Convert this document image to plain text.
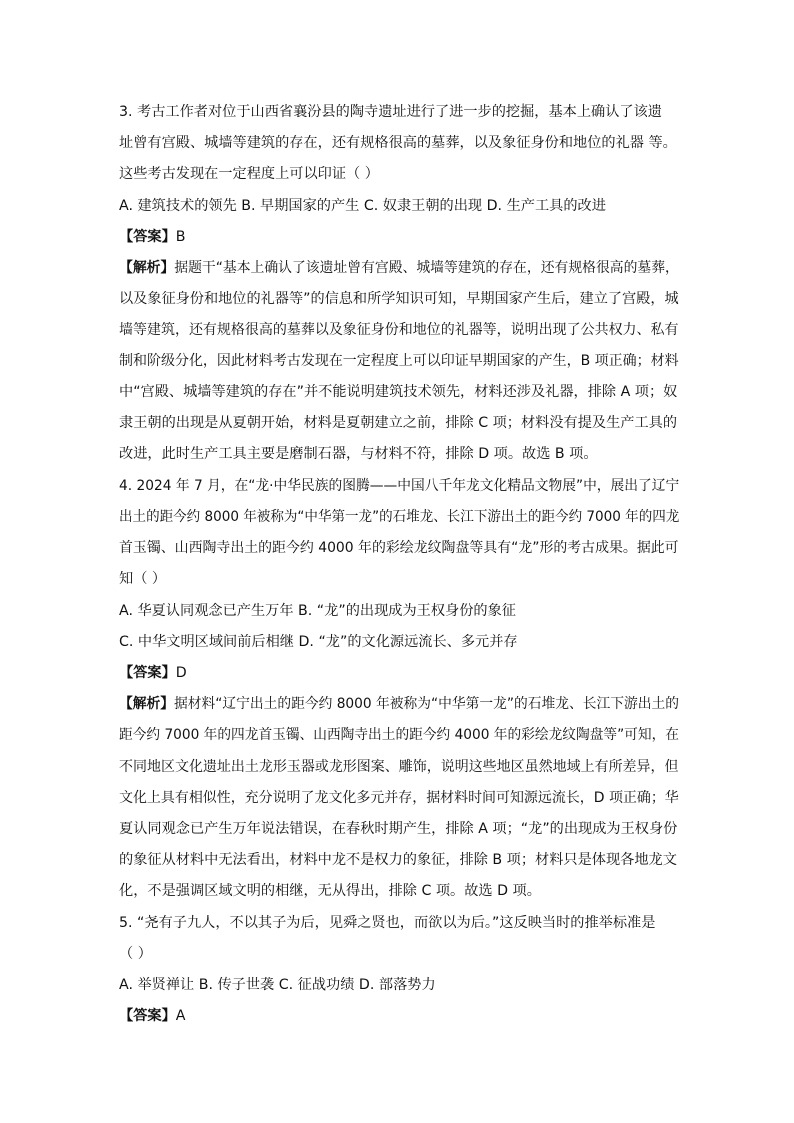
3. 考古工作者对位于山西省襄汾县的陶寺遗址进行了进一步的挖掘，基本上确认了该遗
址曾有宫殿、城墙等建筑的存在，还有规格很高的墓葬，以及象征身份和地位的礼器 等。
这些考古发现在一定程度上可以印证（ ）
A. 建筑技术的领先 B. 早期国家的产生 C. 奴隶王朝的出现 D. 生产工具的改进
【答案】B
【解析】据题干“基本上确认了该遗址曾有宫殿、城墙等建筑的存在，还有规格很高的墓葬，
以及象征身份和地位的礼器等”的信息和所学知识可知，早期国家产生后，建立了宫殿，城
墙等建筑，还有规格很高的墓葬以及象征身份和地位的礼器等，说明出现了公共权力、私有
制和阶级分化，因此材料考古发现在一定程度上可以印证早期国家的产生，B 项正确；材料
中“宫殿、城墙等建筑的存在”并不能说明建筑技术领先，材料还涉及礼器，排除 A 项；奴
隶王朝的出现是从夏朝开始，材料是夏朝建立之前，排除 C 项；材料没有提及生产工具的
改进，此时生产工具主要是磨制石器，与材料不符，排除 D 项。故选 B 项。
4. 2024 年 7 月，在“龙·中华民族的图腾——中国八千年龙文化精品文物展”中，展出了辽宁
出土的距今约 8000 年被称为“中华第一龙”的石堆龙、长江下游出土的距今约 7000 年的四龙
首玉镯、山西陶寺出土的距今约 4000 年的彩绘龙纹陶盘等具有“龙”形的考古成果。据此可
知（ ）
A. 华夏认同观念已产生万年 B. “龙”的出现成为王权身份的象征
C. 中华文明区域间前后相继 D. “龙”的文化源远流长、多元并存
【答案】D
【解析】据材料“辽宁出土的距今约 8000 年被称为“中华第一龙”的石堆龙、长江下游出土的
距今约 7000 年的四龙首玉镯、山西陶寺出土的距今约 4000 年的彩绘龙纹陶盘等”可知，在
不同地区文化遗址出土龙形玉器或龙形图案、雕饰，说明这些地区虽然地域上有所差异，但
文化上具有相似性，充分说明了龙文化多元并存，据材料时间可知源远流长，D 项正确；华
夏认同观念已产生万年说法错误，在春秋时期产生，排除 A 项；“龙”的出现成为王权身份
的象征从材料中无法看出，材料中龙不是权力的象征，排除 B 项；材料只是体现各地龙文
化，不是强调区域文明的相继，无从得出，排除 C 项。故选 D 项。
5. “尧有子九人，不以其子为后，见舜之贤也，而欲以为后。”这反映当时的推举标准是
（ ）
A. 举贤禅让 B. 传子世袭 C. 征战功绩 D. 部落势力
【答案】A
